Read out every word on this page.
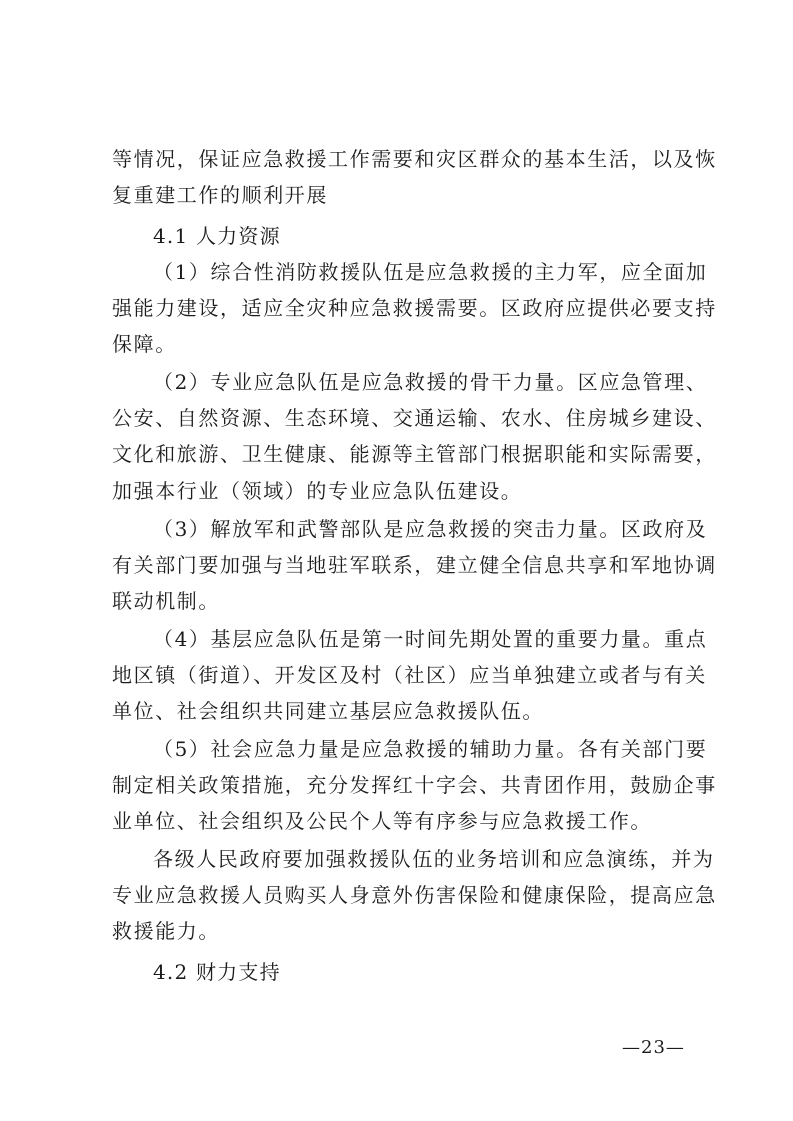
等情况，保证应急救援工作需要和灾区群众的基本生活，以及恢
复重建工作的顺利开展
4.1 人力资源
（1）综合性消防救援队伍是应急救援的主力军，应全面加
强能力建设，适应全灾种应急救援需要。区政府应提供必要支持
保障。
（2）专业应急队伍是应急救援的骨干力量。区应急管理、
公安、自然资源、生态环境、交通运输、农水、住房城乡建设、
文化和旅游、卫生健康、能源等主管部门根据职能和实际需要，
加强本行业（领域）的专业应急队伍建设。
（3）解放军和武警部队是应急救援的突击力量。区政府及
有关部门要加强与当地驻军联系，建立健全信息共享和军地协调
联动机制。
（4）基层应急队伍是第一时间先期处置的重要力量。重点
地区镇（街道）、开发区及村（社区）应当单独建立或者与有关
单位、社会组织共同建立基层应急救援队伍。
（5）社会应急力量是应急救援的辅助力量。各有关部门要
制定相关政策措施，充分发挥红十字会、共青团作用，鼓励企事
业单位、社会组织及公民个人等有序参与应急救援工作。
各级人民政府要加强救援队伍的业务培训和应急演练，并为
专业应急救援人员购买人身意外伤害保险和健康保险，提高应急
救援能力。
4.2 财力支持
—23—
